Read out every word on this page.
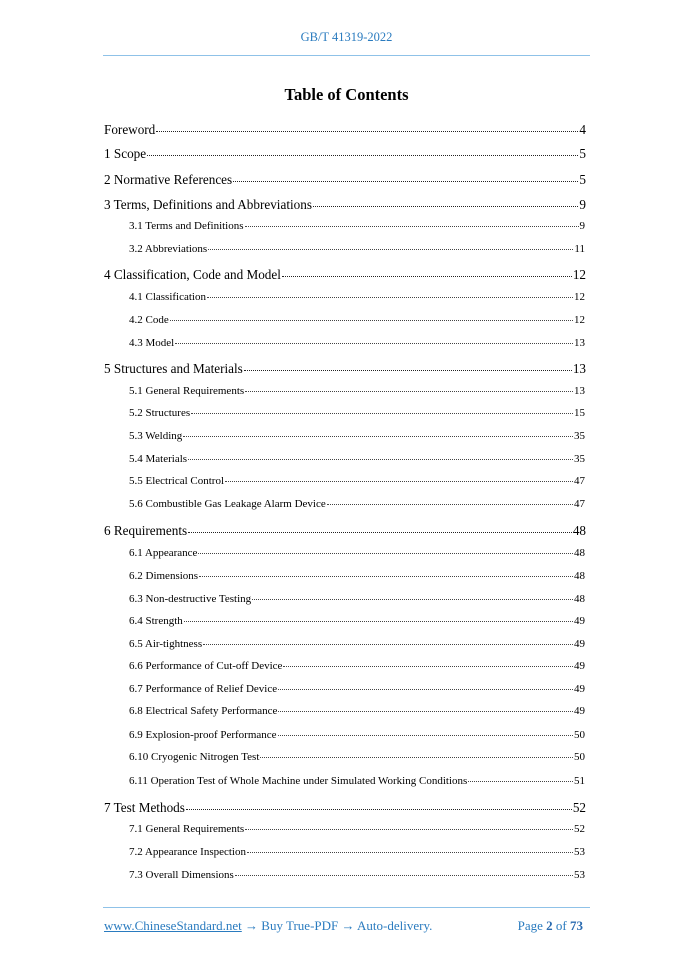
GB/T 41319-2022
Table of Contents
Foreword	4
1 Scope	5
2 Normative References	5
3 Terms, Definitions and Abbreviations	9
3.1 Terms and Definitions	9
3.2 Abbreviations	11
4 Classification, Code and Model	12
4.1 Classification	12
4.2 Code	12
4.3 Model	13
5 Structures and Materials	13
5.1 General Requirements	13
5.2 Structures	15
5.3 Welding	35
5.4 Materials	35
5.5 Electrical Control	47
5.6 Combustible Gas Leakage Alarm Device	47
6 Requirements	48
6.1 Appearance	48
6.2 Dimensions	48
6.3 Non-destructive Testing	48
6.4 Strength	49
6.5 Air-tightness	49
6.6 Performance of Cut-off Device	49
6.7 Performance of Relief Device	49
6.8 Electrical Safety Performance	49
6.9 Explosion-proof Performance	50
6.10 Cryogenic Nitrogen Test	50
6.11 Operation Test of Whole Machine under Simulated Working Conditions	51
7 Test Methods	52
7.1 General Requirements	52
7.2 Appearance Inspection	53
7.3 Overall Dimensions	53
www.ChineseStandard.net → Buy True-PDF → Auto-delivery.	Page 2 of 73
